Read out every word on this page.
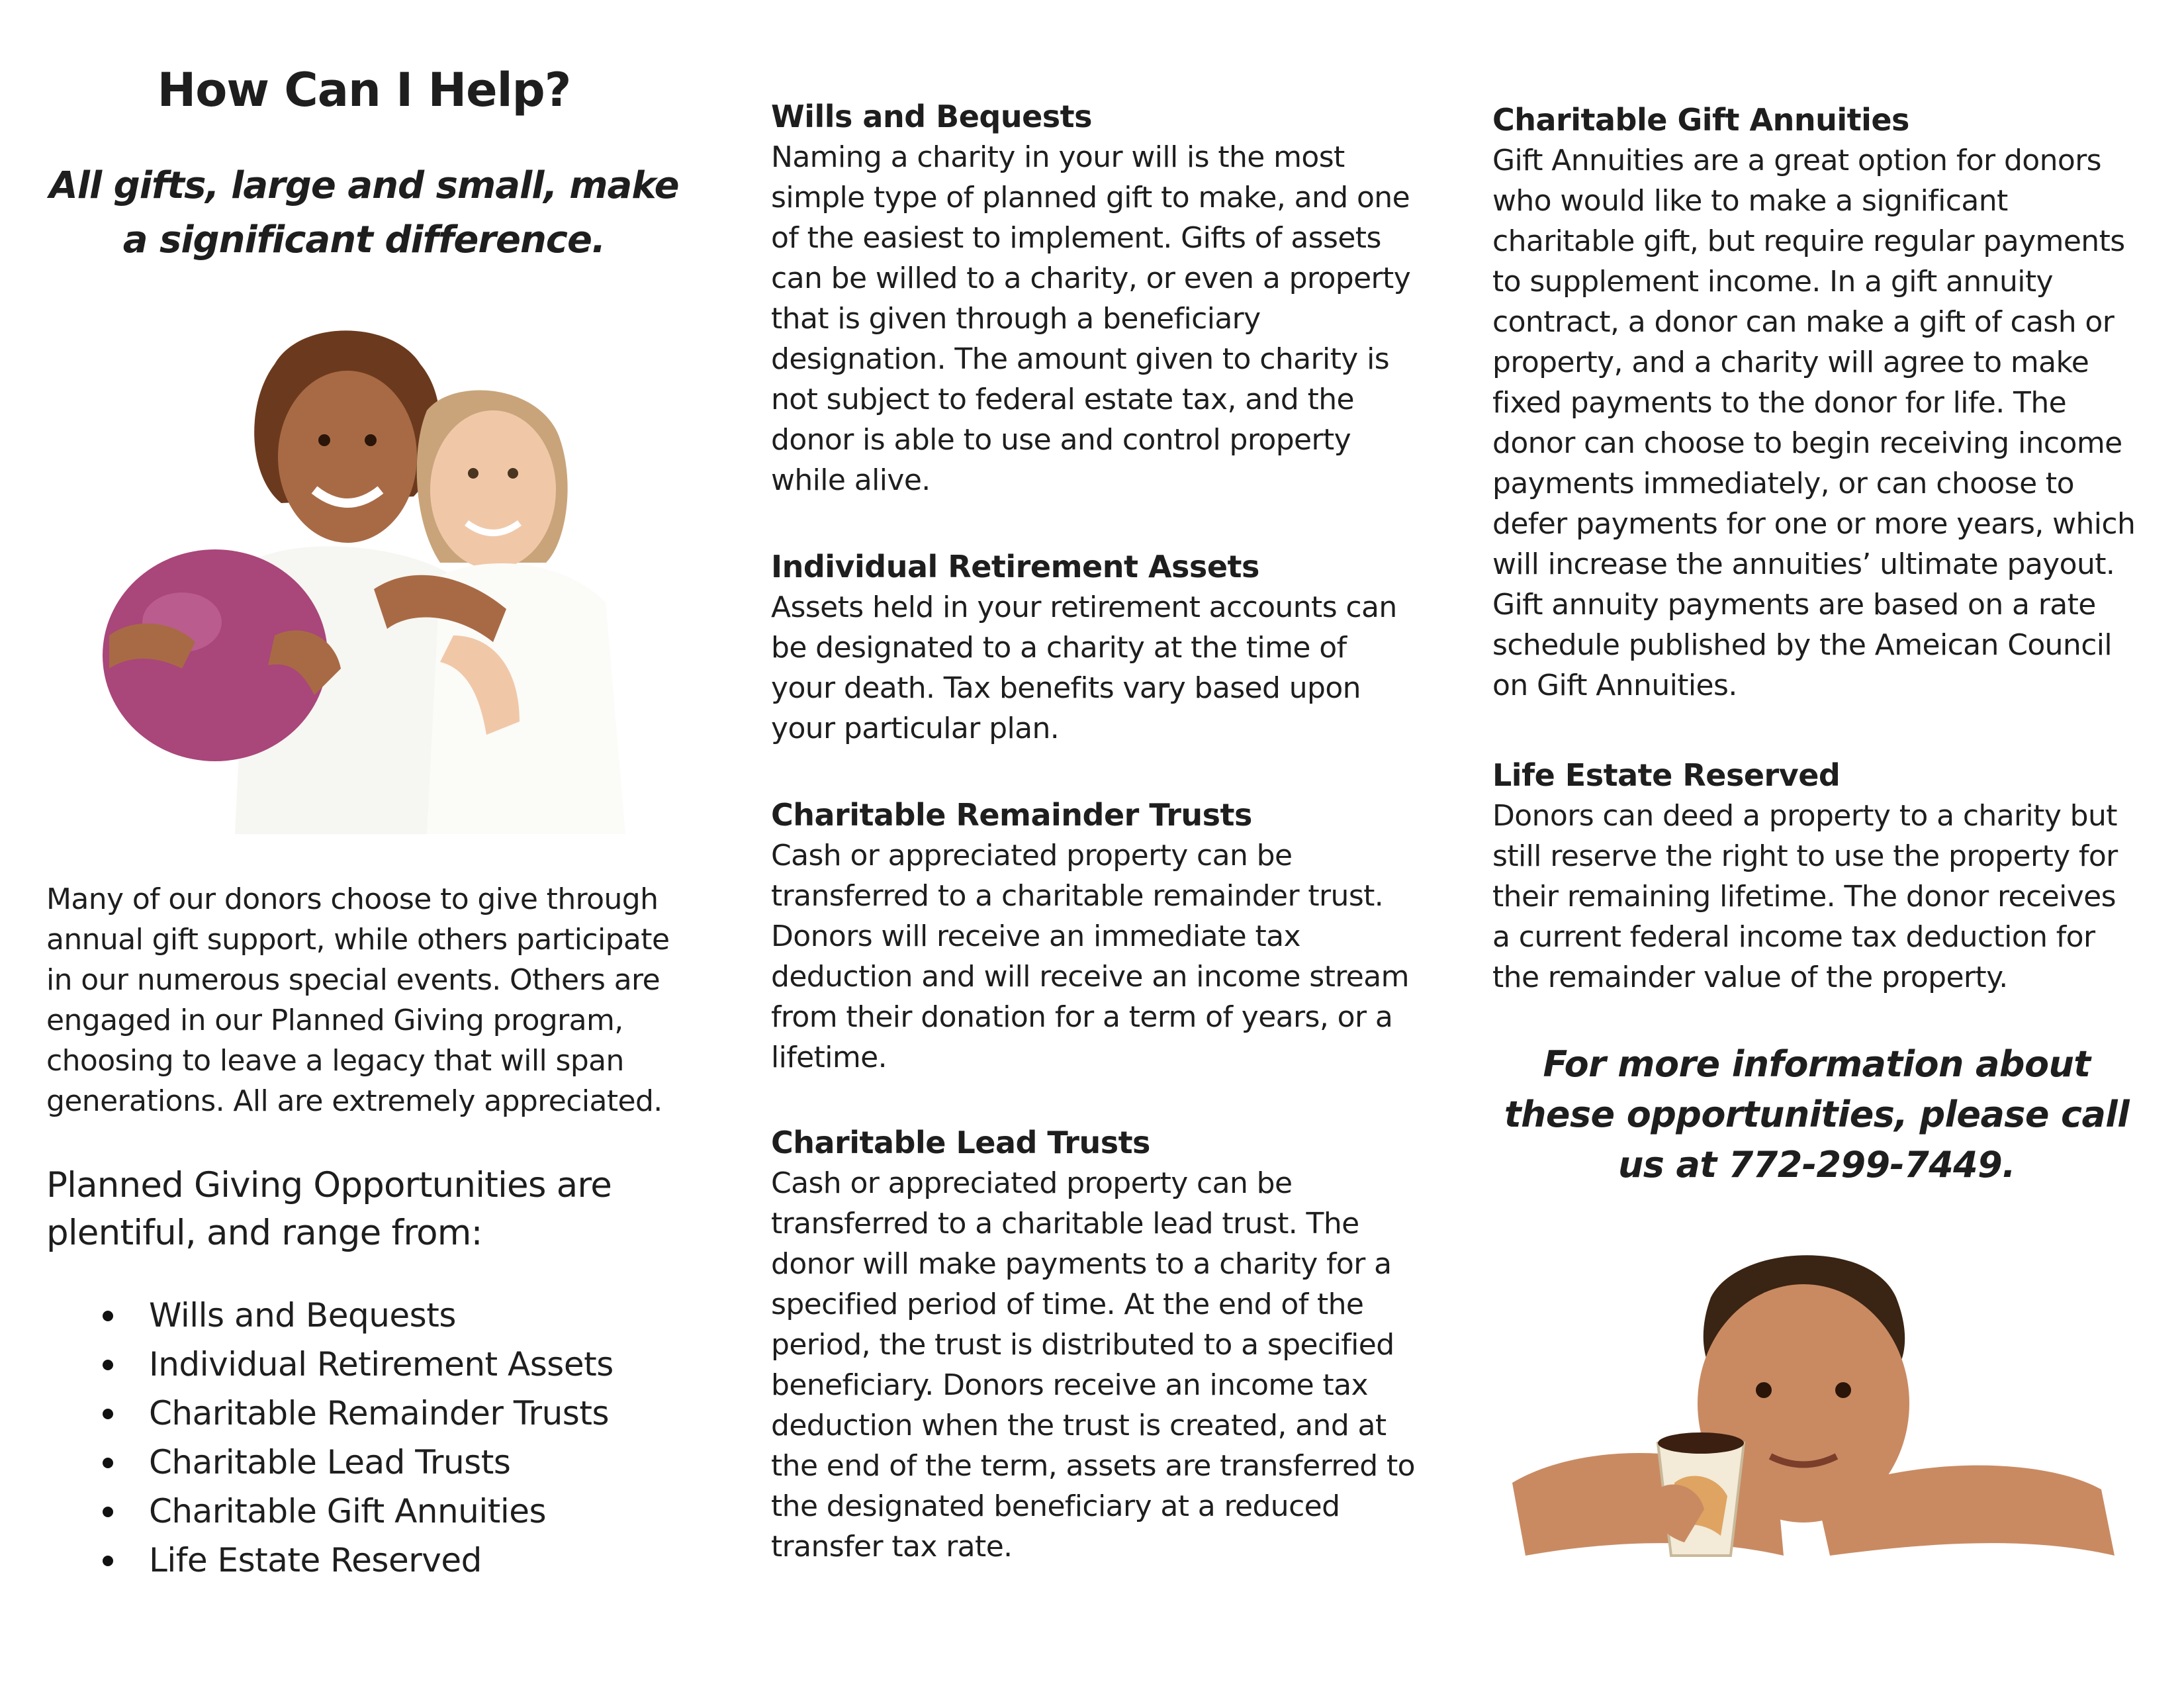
How Can I Help?
All gifts, large and small, make a significant difference.

Many of our donors choose to give through annual gift support, while others participate in our numerous special events. Others are engaged in our Planned Giving program, choosing to leave a legacy that will span generations. All are extremely appreciated.

Planned Giving Opportunities are plentiful, and range from:

Wills and Bequests
Individual Retirement Assets
Charitable Remainder Trusts
Charitable Lead Trusts
Charitable Gift Annuities
Life Estate Reserved
Wills and Bequests

Naming a charity in your will is the most simple type of planned gift to make, and one of the easiest to implement. Gifts of assets can be willed to a charity, or even a property that is given through a beneficiary designation. The amount given to charity is not subject to federal estate tax, and the donor is able to use and control property while alive.

Individual Retirement Assets

Assets held in your retirement accounts can be designated to a charity at the time of your death. Tax benefits vary based upon your particular plan.

Charitable Remainder Trusts

Cash or appreciated property can be transferred to a charitable remainder trust. Donors will receive an immediate tax deduction and will receive an income stream from their donation for a term of years, or a lifetime.

Charitable Lead Trusts

Cash or appreciated property can be transferred to a charitable lead trust. The donor will make payments to a charity for a specified period of time. At the end of the period, the trust is distributed to a specified beneficiary. Donors receive an income tax deduction when the trust is created, and at the end of the term, assets are transferred to the designated beneficiary at a reduced transfer tax rate.

Charitable Gift Annuities

Gift Annuities are a great option for donors who would like to make a significant charitable gift, but require regular payments to supplement income. In a gift annuity contract, a donor can make a gift of cash or property, and a charity will agree to make fixed payments to the donor for life. The donor can choose to begin receiving income payments immediately, or can choose to defer payments for one or more years, which will increase the annuities’ ultimate payout. Gift annuity payments are based on a rate schedule published by the Ameican Council on Gift Annuities.

Life Estate Reserved

Donors can deed a property to a charity but still reserve the right to use the property for their remaining lifetime. The donor receives a current federal income tax deduction for the remainder value of the property.

For more information about these opportunities, please call us at 772-299-7449.
